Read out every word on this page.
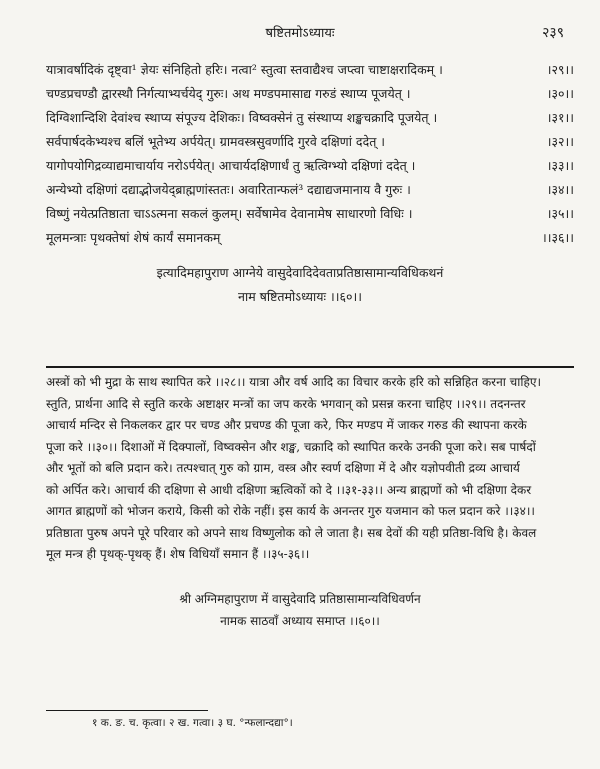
षष्टितमोऽध्यायः	२३९
यात्रावर्षादिकं दृष्ट्वा¹ ज्ञेयः संनिहितो हरिः। नत्वा² स्तुत्वा स्तवाद्यैश्च जप्त्वा चाष्टाक्षरादिकम् ।	।२९।।
चण्डप्रचण्डौ द्वारस्थौ निर्गत्याभ्यर्चयेद् गुरुः। अथ मण्डपमासाद्य गरुडं स्थाप्य पूजयेत् ।	।३०।।
दिग्विशान्दिशि देवांश्च स्थाप्य संपूज्य देशिकः। विष्वक्सेनं तु संस्थाप्य शङ्खचक्रादि पूजयेत् ।	।३१।।
सर्वपार्षदकेभ्यश्च बलिं भूतेभ्य अर्पयेत्। ग्रामवस्त्रसुवर्णादि गुरवे दक्षिणां ददेत् ।	।३२।।
यागोपयोगिद्रव्याद्यमाचार्याय नरोऽर्पयेत्। आचार्यदक्षिणार्धं तु ऋत्विग्भ्यो दक्षिणां ददेत् ।	।३३।।
अन्येभ्यो दक्षिणां दद्याद्भोजयेद्ब्राह्मणांस्ततः। अवारितान्फलं³ दद्याद्यजमानाय वै गुरुः ।	।३४।।
विष्णुं नयेत्प्रतिष्ठाता चाऽऽत्मना सकलं कुलम्। सर्वेषामेव देवानामेष साधारणो विधिः ।	।३५।।
मूलमन्त्राः पृथक्तेषां शेषं कार्यं समानकम्	।।३६।।
इत्यादिमहापुराण आग्नेये वासुदेवादिदेवताप्रतिष्ठासामान्यविधिकथनं
नाम षष्टितमोऽध्यायः ।।६०।।
अस्त्रों को भी मुद्रा के साथ स्थापित करे ।।२८।। यात्रा और वर्ष आदि का विचार करके हरि को सन्निहित करना चाहिए।
स्तुति, प्रार्थना आदि से स्तुति करके अष्टाक्षर मन्त्रों का जप करके भगवान् को प्रसन्न करना चाहिए ।।२९।। तदनन्तर
आचार्य मन्दिर से निकलकर द्वार पर चण्ड और प्रचण्ड की पूजा करे, फिर मण्डप में जाकर गरुड की स्थापना करके
पूजा करे ।।३०।। दिशाओं में दिक्पालों, विष्वक्सेन और शङ्ख, चक्रादि को स्थापित करके उनकी पूजा करे। सब पार्षदों
और भूतों को बलि प्रदान करे। तत्पश्चात् गुरु को ग्राम, वस्त्र और स्वर्ण दक्षिणा में दे और यज्ञोपवीती द्रव्य आचार्य
को अर्पित करे। आचार्य की दक्षिणा से आधी दक्षिणा ऋत्विकों को दे ।।३१-३३।। अन्य ब्राह्मणों को भी दक्षिणा देकर
आगत ब्राह्मणों को भोजन कराये, किसी को रोके नहीं। इस कार्य के अनन्तर गुरु यजमान को फल प्रदान करे ।।३४।।
प्रतिष्ठाता पुरुष अपने पूरे परिवार को अपने साथ विष्णुलोक को ले जाता है। सब देवों की यही प्रतिष्ठा-विधि है। केवल
मूल मन्त्र ही पृथक्-पृथक् हैं। शेष विधियाँ समान हैं ।।३५-३६।।
श्री अग्निमहापुराण में वासुदेवादि प्रतिष्ठासामान्यविधिवर्णन
नामक साठवाँ अध्याय समाप्त ।।६०।।
१ क. ङ. च. कृत्वा। २ ख. गत्वा। ३ घ. °न्फलान्दद्या°।
